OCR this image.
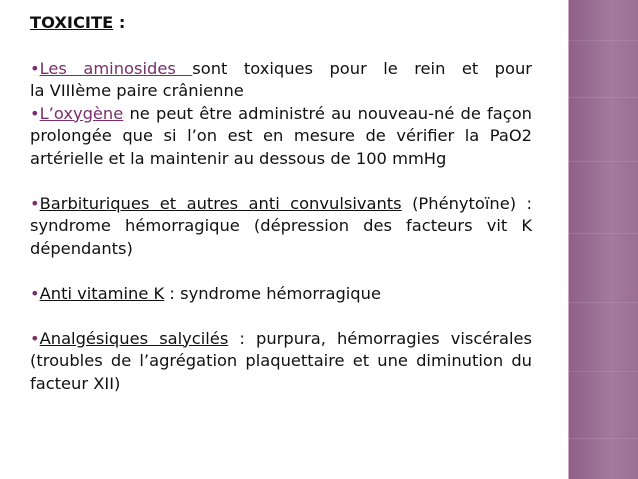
TOXICITE :

•Les aminosides sont toxiques pour le rein et pour

la VIIIème paire crânienne

•L’oxygène ne peut être administré au nouveau-né de façon prolongée que si l’on est en mesure de vérifier la PaO2 artérielle et la maintenir au dessous de 100 mmHg

•Barbituriques et autres anti convulsivants (Phénytoïne) : syndrome hémorragique (dépression des facteurs vit K dépendants)

•Anti vitamine K : syndrome hémorragique

•Analgésiques salycilés : purpura, hémorragies viscérales (troubles de l’agrégation plaquettaire et une diminution du facteur XII)
